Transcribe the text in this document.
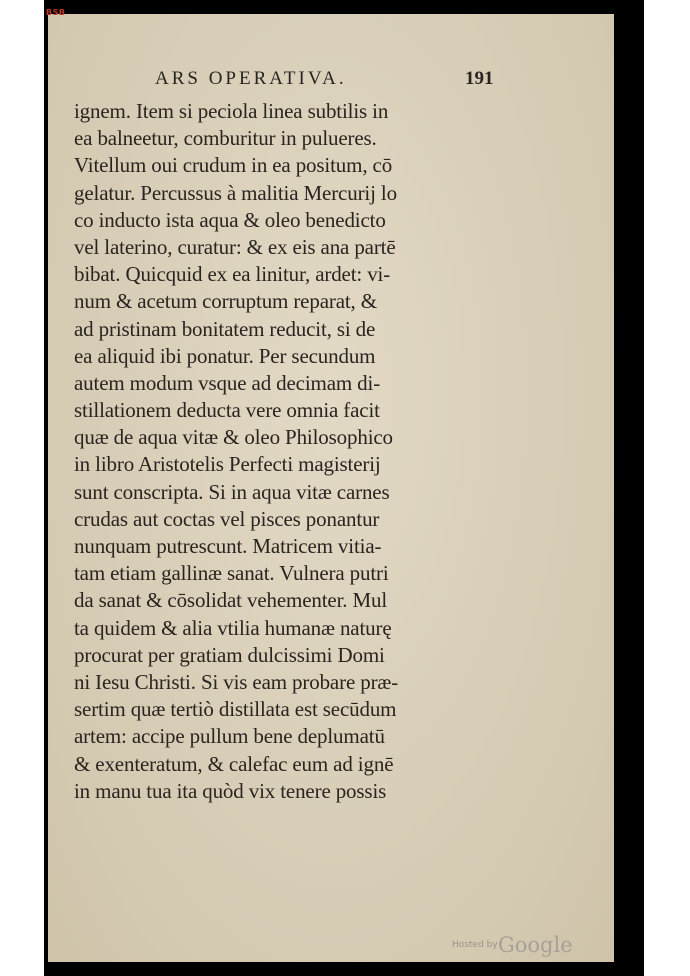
BSB
ARS OPERATIVA.	191
ignem. Item si peciola linea subtilis in
ea balneetur, comburitur in pulueres.
Vitellum oui crudum in ea positum, cō
gelatur. Percussus à malitia Mercurij lo
co inducto ista aqua & oleo benedicto
vel laterino, curatur: & ex eis ana partē
bibat. Quicquid ex ea linitur, ardet: vi-
num & acetum corruptum reparat, &
ad pristinam bonitatem reducit, si de
ea aliquid ibi ponatur. Per secundum
autem modum vsque ad decimam di-
stillationem deducta vere omnia facit
quæ de aqua vitæ & oleo Philosophico
in libro Aristotelis Perfecti magisterij
sunt conscripta. Si in aqua vitæ carnes
crudas aut coctas vel pisces ponantur
nunquam putrescunt. Matricem vitia-
tam etiam gallinæ sanat. Vulnera putri
da sanat & cōsolidat vehementer. Mul
ta quidem & alia vtilia humanæ naturę
procurat per gratiam dulcissimi Domi
ni Iesu Christi. Si vis eam probare præ-
sertim quæ tertiò distillata est secūdum
artem: accipe pullum bene deplumatū
& exenteratum, & calefac eum ad ignē
in manu tua ita quòd vix tenere possis
Hosted by Google
